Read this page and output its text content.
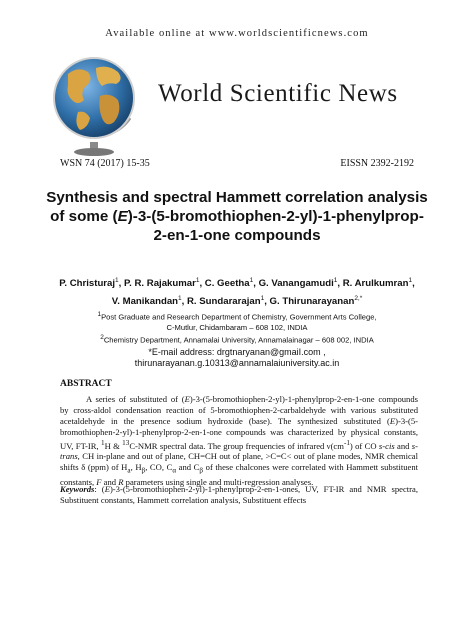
Available online at www.worldscientificnews.com
World Scientific News
WSN 74 (2017) 15-35	EISSN 2392-2192
Synthesis and spectral Hammett correlation analysis
of some (E)-3-(5-bromothiophen-2-yl)-1-phenylprop-
2-en-1-one compounds
P. Christuraj$^1$, P. R. Rajakumar$^1$, C. Geetha$^1$, G. Vanangamudi$^1$, R. Arulkumran$^1$,
V. Manikandan$^1$, R. Sundararajan$^1$, G. Thirunarayanan$^{2,*}$
$^1$Post Graduate and Research Department of Chemistry, Government Arts College,
C-Mutlur, Chidambaram – 608 102, INDIA
$^2$Chemistry Department, Annamalai University, Annamalainagar – 608 002, INDIA
*E-mail address: drgtnaryanan@gmaiI.com ,
thirunarayanan.g.10313@annamalaiuniversity.ac.in
ABSTRACT
A series of substituted of (E)-3-(5-bromothiophen-2-yl)-1-phenylprop-2-en-1-one compounds by cross-aldol condensation reaction of 5-bromothiophen-2-carbaldehyde with various substituted acetaldehyde in the presence sodium hydroxide (base). The synthesized substituted (E)-3-(5-bromothiophen-2-yl)-1-phenylprop-2-en-1-one compounds was characterized by physical constants, UV, FT-IR, $^1$H & $^{13}$C-NMR spectral data. The group frequencies of infrared $\nu(cm^{-1})$ of CO s-cis and s-trans, CH in-plane and out of plane, CH=CH out of plane, >C=C< out of plane modes, NMR chemical shifts δ (ppm) of $H_a$, $H_\beta$, CO, $C_\alpha$ and $C_\beta$ of these chalcones were correlated with Hammett substituent constants, F and R parameters using single and multi-regression analyses.
Keywords: (E)-3-(5-bromothiophen-2-yl)-1-phenylprop-2-en-1-ones, UV, FT-IR and NMR spectra, Substituent constants, Hammett correlation analysis, Substituent effects
